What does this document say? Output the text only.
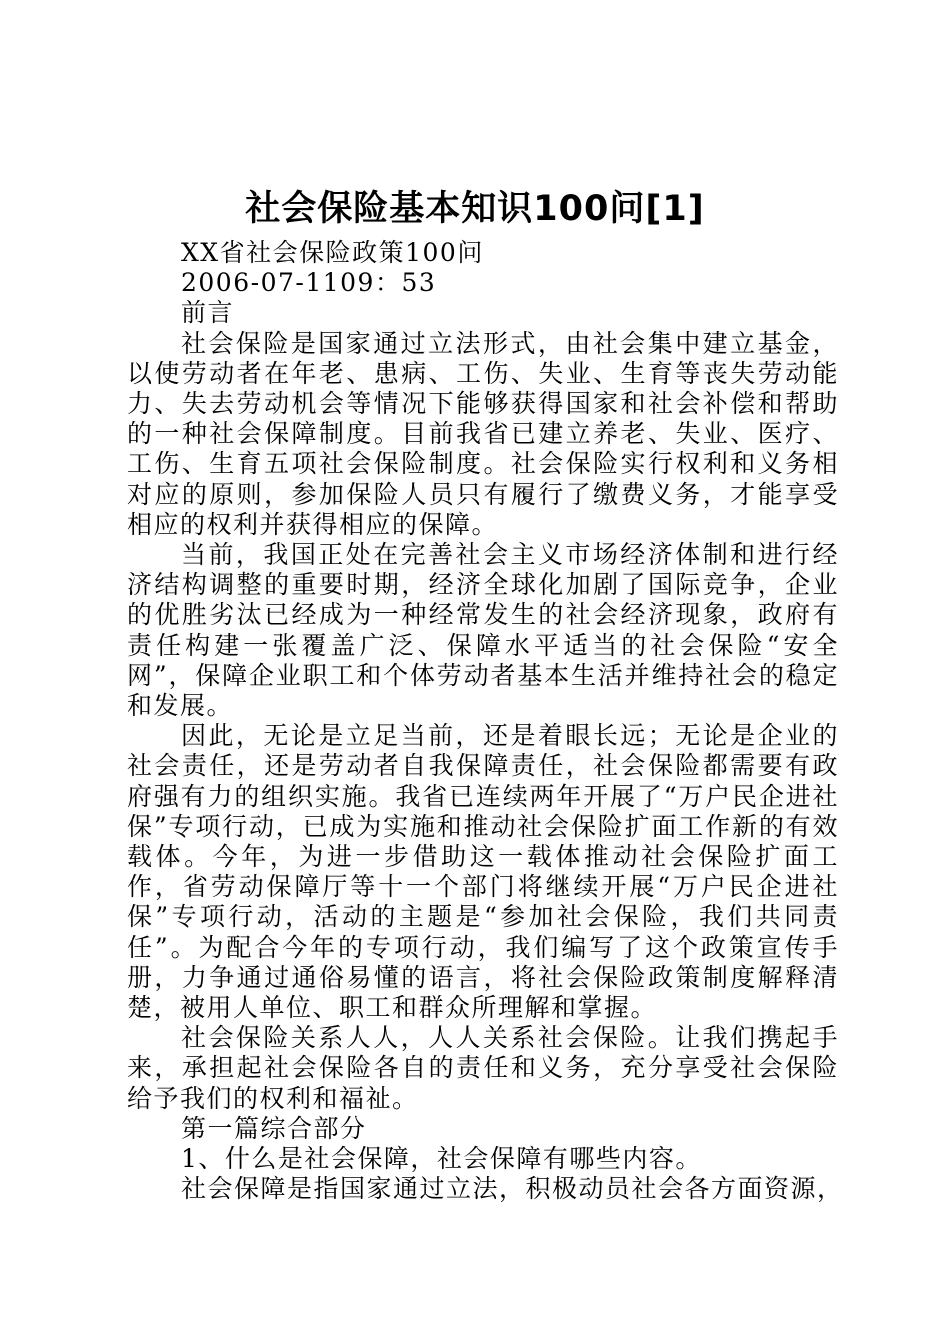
社会保险基本知识100问[1]
XX省社会保险政策100问
2006-07-1109：53
前言
社会保险是国家通过立法形式，由社会集中建立基金，以使劳动者在年老、患病、工伤、失业、生育等丧失劳动能力、失去劳动机会等情况下能够获得国家和社会补偿和帮助的一种社会保障制度。目前我省已建立养老、失业、医疗、工伤、生育五项社会保险制度。社会保险实行权利和义务相对应的原则，参加保险人员只有履行了缴费义务，才能享受相应的权利并获得相应的保障。
当前，我国正处在完善社会主义市场经济体制和进行经济结构调整的重要时期，经济全球化加剧了国际竞争，企业的优胜劣汰已经成为一种经常发生的社会经济现象，政府有责任构建一张覆盖广泛、保障水平适当的社会保险“安全网”，保障企业职工和个体劳动者基本生活并维持社会的稳定和发展。
因此，无论是立足当前，还是着眼长远；无论是企业的社会责任，还是劳动者自我保障责任，社会保险都需要有政府强有力的组织实施。我省已连续两年开展了“万户民企进社保”专项行动，已成为实施和推动社会保险扩面工作新的有效载体。今年，为进一步借助这一载体推动社会保险扩面工作，省劳动保障厅等十一个部门将继续开展“万户民企进社保”专项行动，活动的主题是“参加社会保险，我们共同责任”。为配合今年的专项行动，我们编写了这个政策宣传手册，力争通过通俗易懂的语言，将社会保险政策制度解释清楚，被用人单位、职工和群众所理解和掌握。
社会保险关系人人，人人关系社会保险。让我们携起手来，承担起社会保险各自的责任和义务，充分享受社会保险给予我们的权利和福祉。
第一篇综合部分
1、什么是社会保障，社会保障有哪些内容。
社会保障是指国家通过立法，积极动员社会各方面资源，
